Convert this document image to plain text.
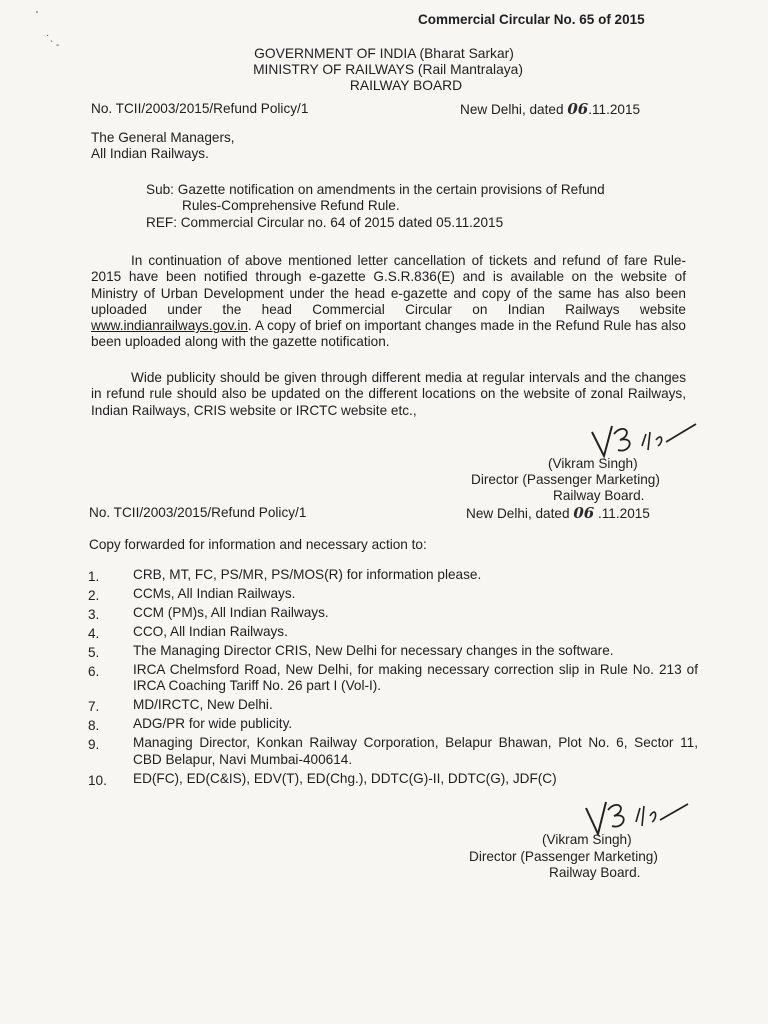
'
·
` -
Commercial Circular No. 65 of 2015
GOVERNMENT OF INDIA (Bharat Sarkar)
MINISTRY OF RAILWAYS (Rail Mantralaya)
RAILWAY BOARD
No. TCII/2003/2015/Refund Policy/1	New Delhi, dated 06.11.2015
The General Managers,
All Indian Railways.
Sub: Gazette notification on amendments in the certain provisions of Refund
Rules-Comprehensive Refund Rule.
REF: Commercial Circular no. 64 of 2015 dated 05.11.2015
In continuation of above mentioned letter cancellation of tickets and refund of fare Rule-2015 have been notified through e-gazette G.S.R.836(E) and is available on the website of Ministry of Urban Development under the head e-gazette and copy of the same has also been uploaded under the head Commercial Circular on Indian Railways website www.indianrailways.gov.in. A copy of brief on important changes made in the Refund Rule has also been uploaded along with the gazette notification.
Wide publicity should be given through different media at regular intervals and the changes in refund rule should also be updated on the different locations on the website of zonal Railways, Indian Railways, CRIS website or IRCTC website etc.,
(Vikram Singh)
Director (Passenger Marketing)
Railway Board.
No. TCII/2003/2015/Refund Policy/1	New Delhi, dated 06 .11.2015
Copy forwarded for information and necessary action to:
1.	CRB, MT, FC, PS/MR, PS/MOS(R) for information please.
2.	CCMs, All Indian Railways.
3.	CCM (PM)s, All Indian Railways.
4.	CCO, All Indian Railways.
5.	The Managing Director CRIS, New Delhi for necessary changes in the software.
6.	IRCA Chelmsford Road, New Delhi, for making necessary correction slip in Rule No. 213 of IRCA Coaching Tariff No. 26 part I (Vol-I).
7.	MD/IRCTC, New Delhi.
8.	ADG/PR for wide publicity.
9.	Managing Director, Konkan Railway Corporation, Belapur Bhawan, Plot No. 6, Sector 11, CBD Belapur, Navi Mumbai-400614.
10.	ED(FC), ED(C&IS), EDV(T), ED(Chg.), DDTC(G)-II, DDTC(G), JDF(C)
(Vikram Singh)
Director (Passenger Marketing)
Railway Board.
